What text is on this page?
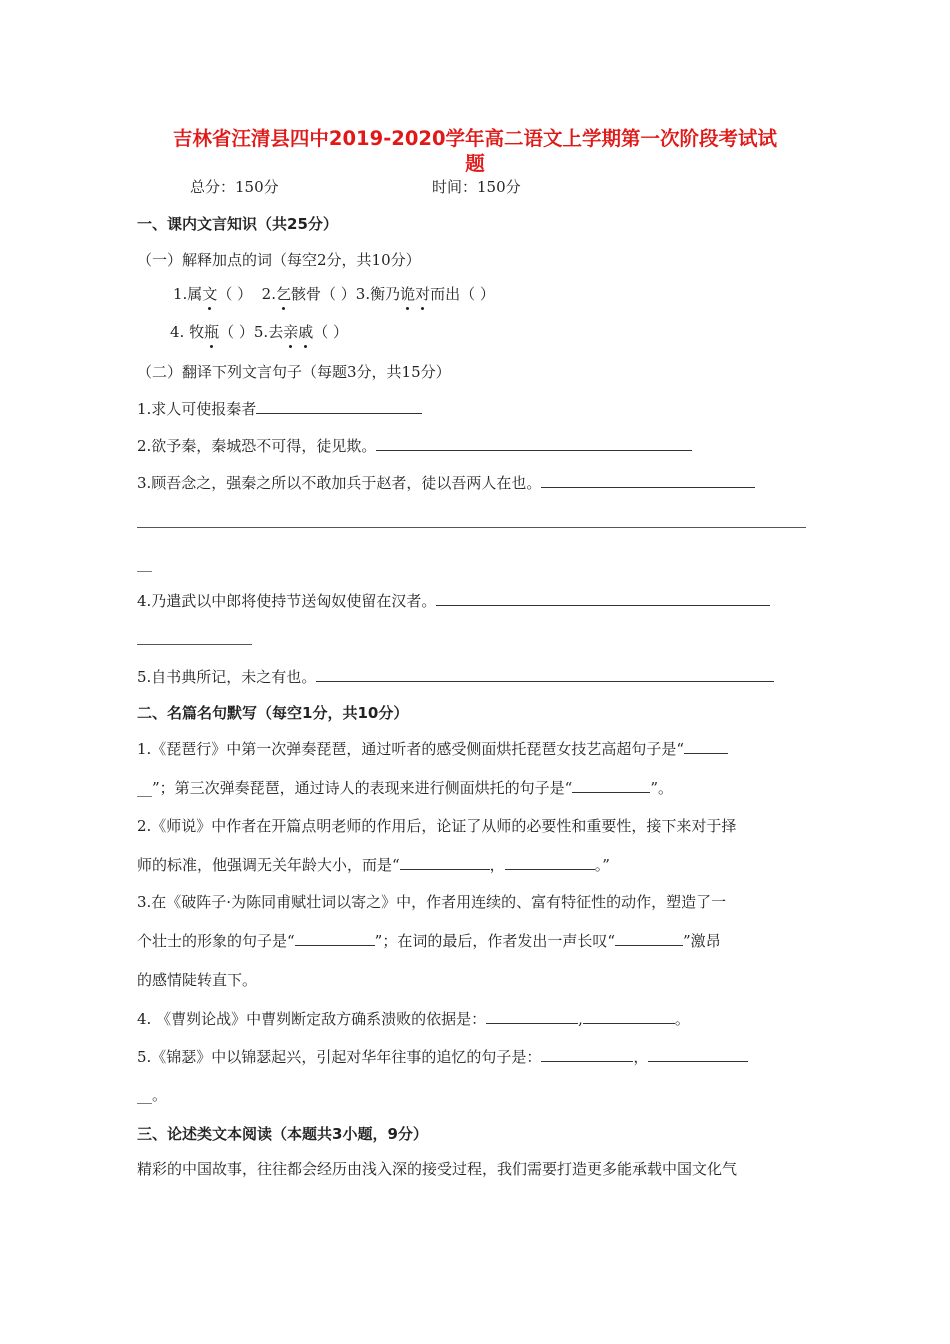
吉林省汪清县四中2019-2020学年高二语文上学期第一次阶段考试试
题
总分：150分	时间：150分
一、课内文言知识（共25分）
（一）解释加点的词（每空2分，共10分）
1.属文（ ） 2.乞骸骨（ ）3.衡乃诡对而出（ ）
4. 牧瓶（ ）5.去亲戚（ ）
（二）翻译下列文言句子（每题3分，共15分）
1.求人可使报秦者
2.欲予秦，秦城恐不可得，徒见欺。
3.顾吾念之，强秦之所以不敢加兵于赵者，徒以吾两人在也。
__
4.乃遣武以中郎将使持节送匈奴使留在汉者。
5.自书典所记，未之有也。
二、名篇名句默写（每空1分，共10分）
1.《琵琶行》中第一次弹奏琵琶，通过听者的感受侧面烘托琵琶女技艺高超句子是“
__”；第三次弹奏琵琶，通过诗人的表现来进行侧面烘托的句子是“	”。
2.《师说》中作者在开篇点明老师的作用后，论证了从师的必要性和重要性，接下来对于择
师的标准，他强调无关年龄大小，而是“	，	。”
3.在《破阵子·为陈同甫赋壮词以寄之》中，作者用连续的、富有特征性的动作，塑造了一
个壮士的形象的句子是“	”；在词的最后，作者发出一声长叹“	”激昂
的感情陡转直下。
4. 《曹刿论战》中曹刿断定敌方确系溃败的依据是：	,	。
5.《锦瑟》中以锦瑟起兴，引起对华年往事的追忆的句子是：	，
__。
三、论述类文本阅读（本题共3小题，9分）
精彩的中国故事，往往都会经历由浅入深的接受过程，我们需要打造更多能承载中国文化气
